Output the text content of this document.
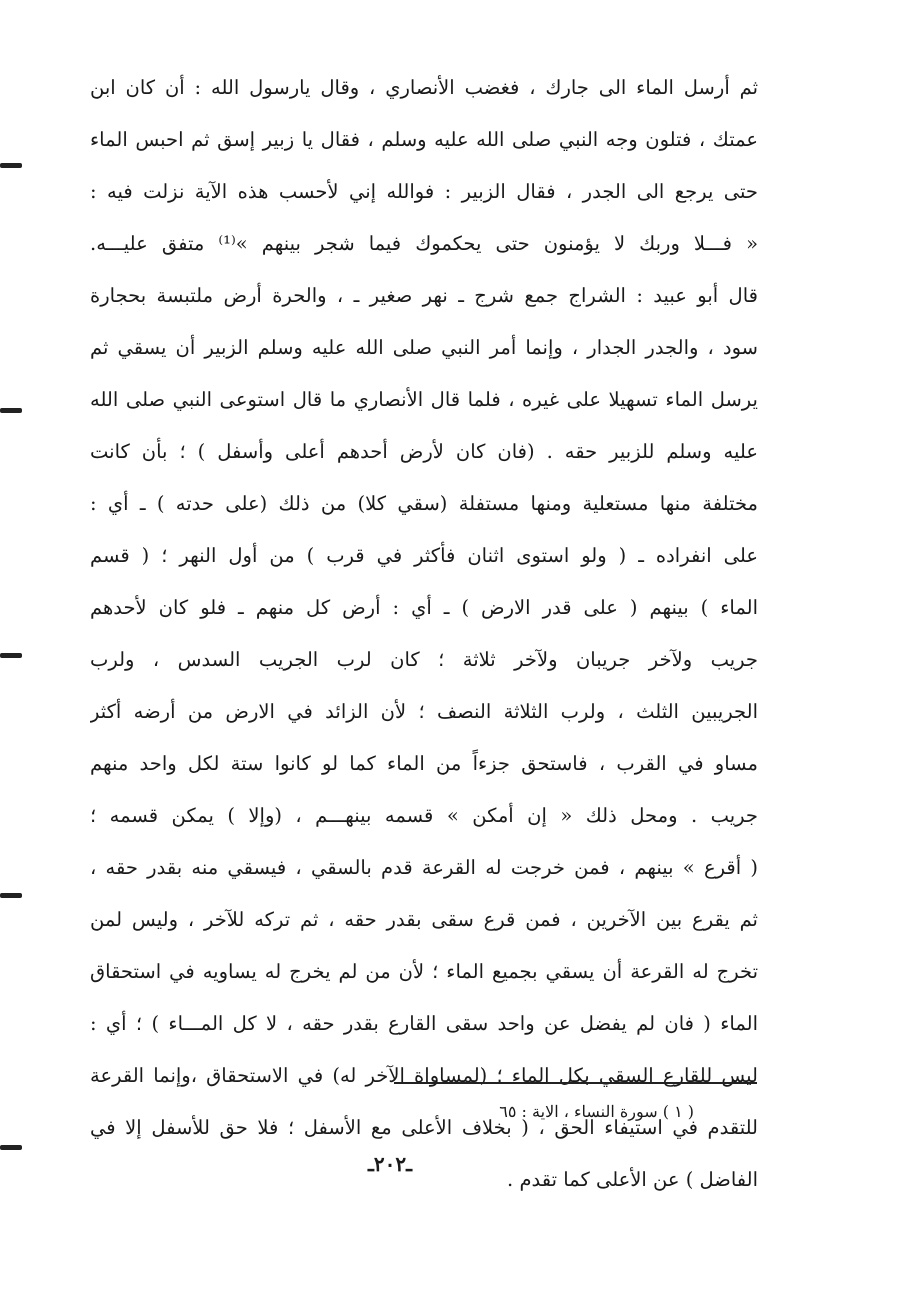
ثم أرسل الماء الى جارك ، فغضب الأنصاري ، وقال يارسول الله : أن كان ابن
عمتك ، فتلون وجه النبي صلى الله عليه وسلم ، فقال يا زبير إسق ثم احبس الماء
حتى يرجع الى الجدر ، فقال الزبير : فوالله إني لأحسب هذه الآية نزلت فيه :
« فـــلا وربك لا يؤمنون حتى يحكموك فيما شجر بينهم »⁽¹⁾ متفق عليـــه.
قال أبو عبيد : الشراج جمع شرج ـ نهر صغير ـ ، والحرة أرض ملتبسة بحجارة
سود ، والجدر الجدار ، وإنما أمر النبي صلى الله عليه وسلم الزبير أن يسقي ثم
يرسل الماء تسهيلا على غيره ، فلما قال الأنصاري ما قال استوعى النبي صلى الله
عليه وسلم للزبير حقه . (فان كان لأرض أحدهم أعلى وأسفل ) ؛ بأن كانت
مختلفة منها مستعلية ومنها مستفلة (سقي كلا) من ذلك (على حدته ) ـ أي :
على انفراده ـ ( ولو استوى اثنان فأكثر في قرب ) من أول النهر ؛ ( قسم
الماء ) بينهم ( على قدر الارض ) ـ أي : أرض كل منهم ـ فلو كان لأحدهم
جريب ولآخر جريبان ولآخر ثلاثة ؛ كان لرب الجريب السدس ، ولرب
الجريبين الثلث ، ولرب الثلاثة النصف ؛ لأن الزائد في الارض من أرضه أكثر
مساو في القرب ، فاستحق جزءاً من الماء كما لو كانوا ستة لكل واحد منهم
جريب . ومحل ذلك « إن أمكن » قسمه بينهـــم ، (وإلا ) يمكن قسمه ؛
( أقرع » بينهم ، فمن خرجت له القرعة قدم بالسقي ، فيسقي منه بقدر حقه ،
ثم يقرع بين الآخرين ، فمن قرع سقى بقدر حقه ، ثم تركه للآخر ، وليس لمن
تخرج له القرعة أن يسقي بجميع الماء ؛ لأن من لم يخرج له يساويه في استحقاق
الماء ( فان لم يفضل عن واحد سقى القارع بقدر حقه ، لا كل المـــاء ) ؛ أي :
ليس للقارع السقي بكل الماء ؛ (لمساواة الآخر له) في الاستحقاق ،وإنما القرعة
للتقدم في استيفاء الحق ، ( بخلاف الأعلى مع الأسفل ؛ فلا حق للأسفل إلا في
الفاضل ) عن الأعلى كما تقدم .
( ١ ) سورة النساء ، الاية : ٦٥
ـ٢٠٢ـ
